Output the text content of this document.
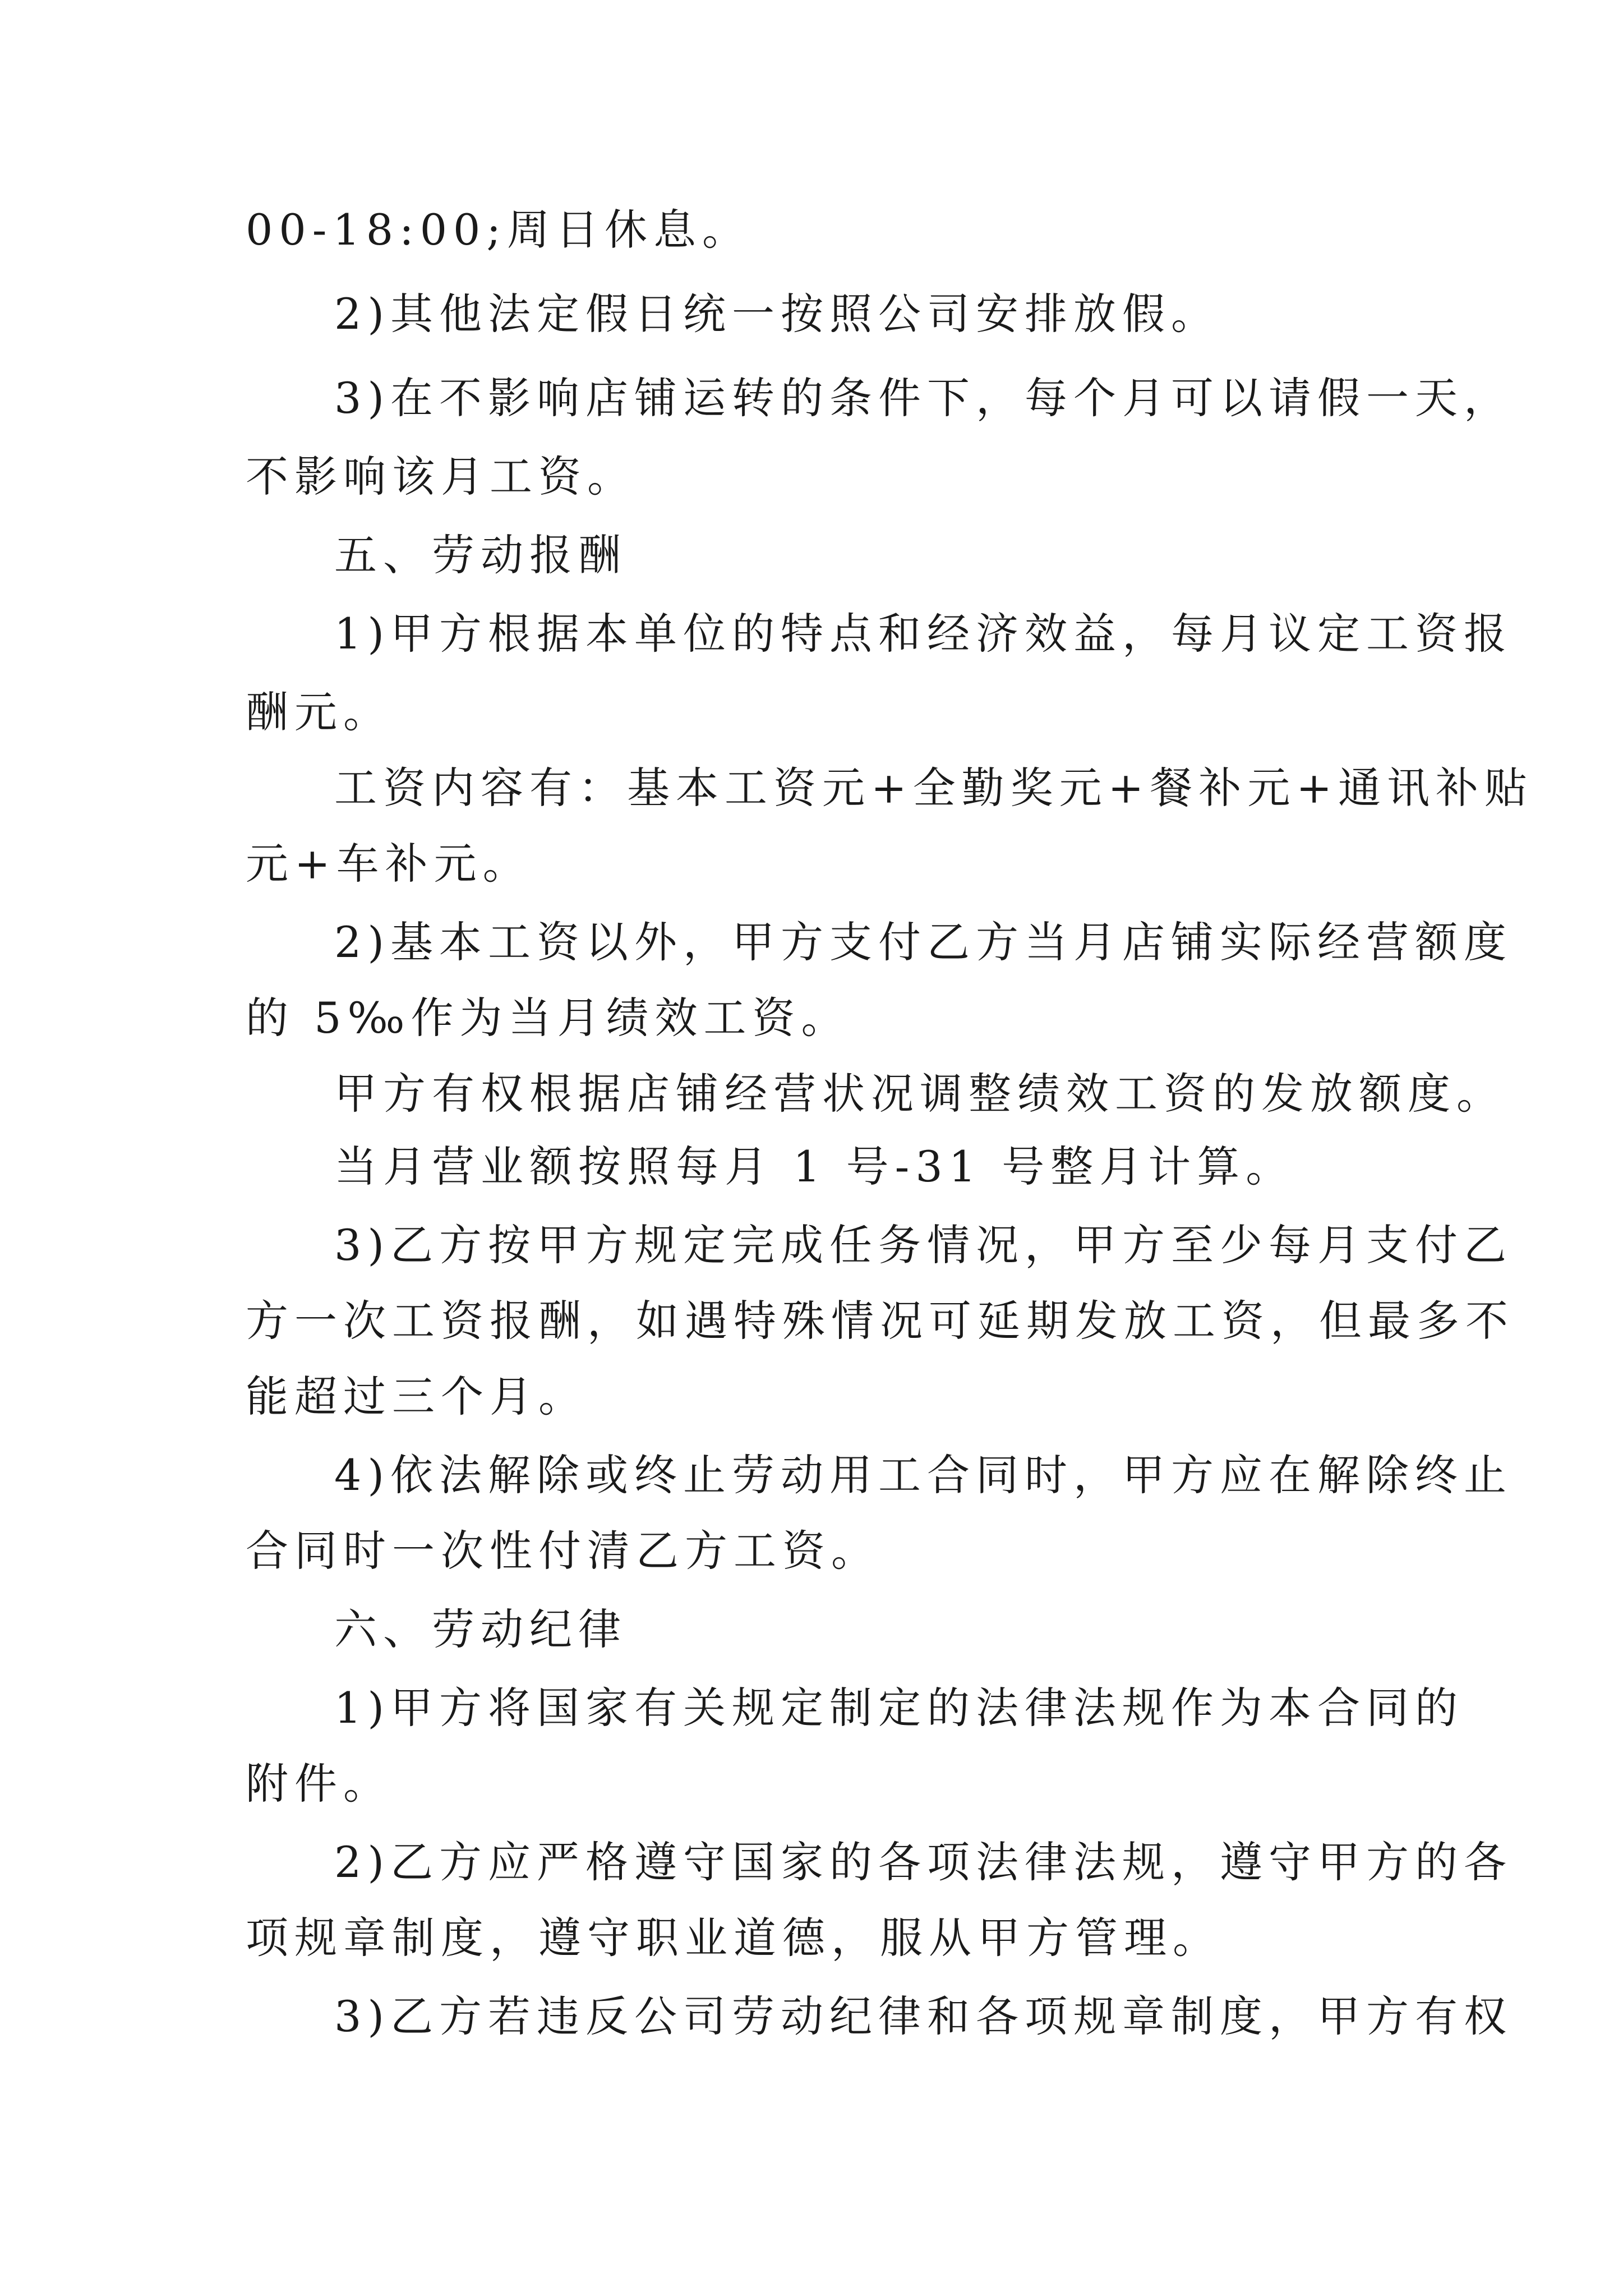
00-18:00;周日休息。
2)其他法定假日统一按照公司安排放假。
3)在不影响店铺运转的条件下，每个月可以请假一天，
不影响该月工资。
五、劳动报酬
1)甲方根据本单位的特点和经济效益，每月议定工资报
酬元。
工资内容有：基本工资元+全勤奖元+餐补元+通讯补贴
元+车补元。
2)基本工资以外，甲方支付乙方当月店铺实际经营额度
的 5‰作为当月绩效工资。
甲方有权根据店铺经营状况调整绩效工资的发放额度。
当月营业额按照每月 1 号-31 号整月计算。
3)乙方按甲方规定完成任务情况，甲方至少每月支付乙
方一次工资报酬，如遇特殊情况可延期发放工资，但最多不
能超过三个月。
4)依法解除或终止劳动用工合同时，甲方应在解除终止
合同时一次性付清乙方工资。
六、劳动纪律
1)甲方将国家有关规定制定的法律法规作为本合同的
附件。
2)乙方应严格遵守国家的各项法律法规，遵守甲方的各
项规章制度，遵守职业道德，服从甲方管理。
3)乙方若违反公司劳动纪律和各项规章制度，甲方有权
